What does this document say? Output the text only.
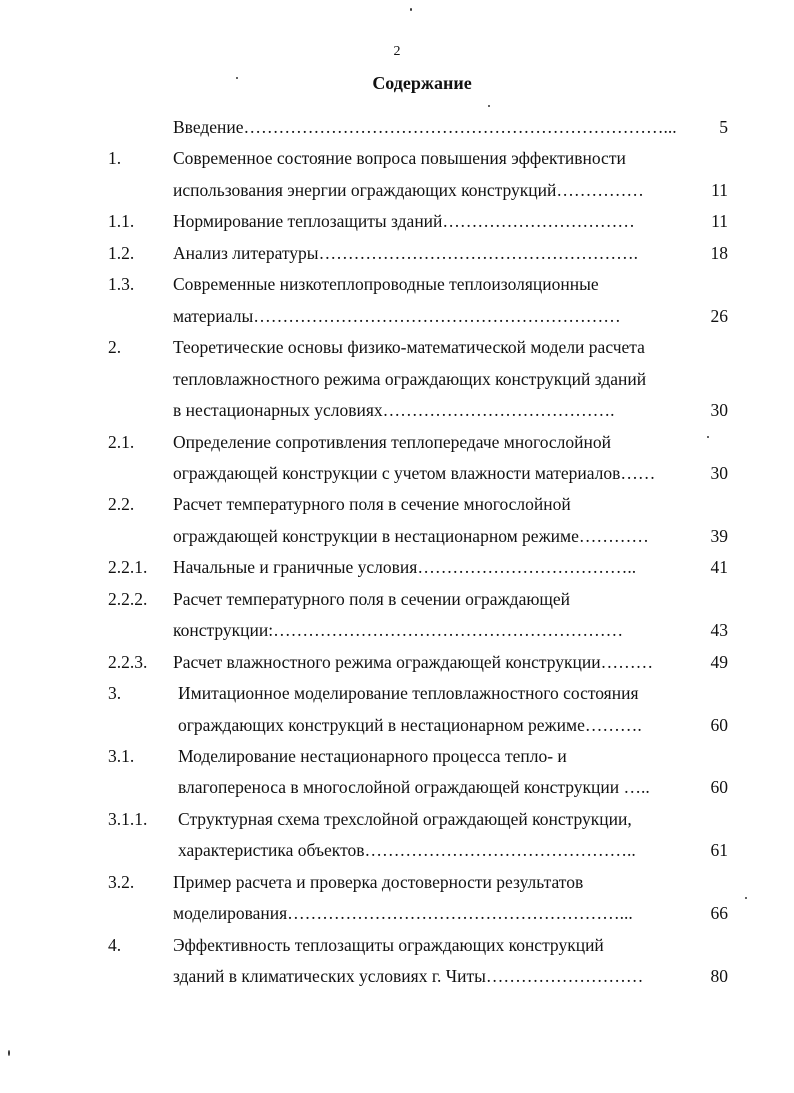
2
Содержание
Введение………………………………………………………………... 5
1.	Современное состояние вопроса повышения эффективности
использования энергии ограждающих конструкций……………	11
1.1. Нормирование теплозащиты зданий……………………………	11
1.2. Анализ литературы……………………………………………….	18
1.3. Современные низкотеплопроводные теплоизоляционные
материалы………………………………………………………	26
2.	Теоретические основы физико-математической модели расчета
тепловлажностного режима ограждающих конструкций зданий
в нестационарных условиях………………………………….	30
2.1. Определение сопротивления теплопередаче многослойной
ограждающей конструкции с учетом влажности материалов……	30
2.2. Расчет температурного поля в сечение многослойной
ограждающей конструкции в нестационарном режиме…………	39
2.2.1. Начальные и граничные условия………………………………..	41
2.2.2. Расчет температурного поля в сечении ограждающей
конструкции:……………………………………………………	43
2.2.3. Расчет влажностного режима ограждающей конструкции………	49
3.	Имитационное моделирование тепловлажностного состояния
ограждающих конструкций в нестационарном режиме……….	60
3.1.	Моделирование нестационарного процесса тепло- и
влагопереноса в многослойной ограждающей конструкции …..	60
3.1.1. Структурная схема трехслойной ограждающей конструкции,
характеристика объектов………………………………………..	61
3.2. Пример расчета и проверка достоверности результатов
моделирования…………………………………………………...	66
4.	Эффективность теплозащиты ограждающих конструкций
зданий в климатических условиях г. Читы………………………	80
